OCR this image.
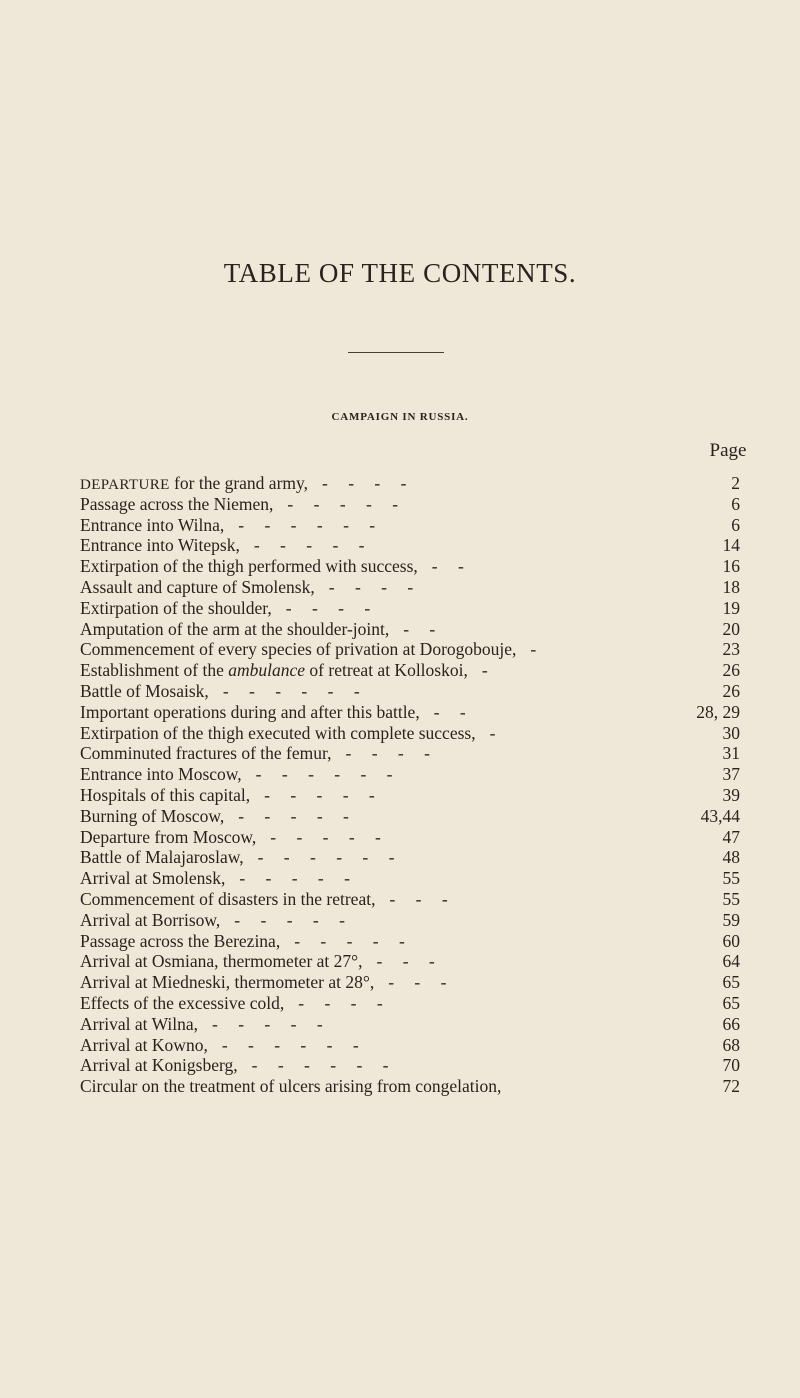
TABLE OF THE CONTENTS.
CAMPAIGN IN RUSSIA.
Page
DEPARTURE for the grand army, - - - -	2
Passage across the Niemen, - - - - -	6
Entrance into Wilna, - - - - - -	6
Entrance into Witepsk, - - - - -	14
Extirpation of the thigh performed with success, - -	16
Assault and capture of Smolensk, - - - -	18
Extirpation of the shoulder, - - - -	19
Amputation of the arm at the shoulder-joint, - -	20
Commencement of every species of privation at Dorogobouje, -	23
Establishment of the ambulance of retreat at Kolloskoi, -	26
Battle of Mosaisk, - - - - - -	26
Important operations during and after this battle, - -	28, 29
Extirpation of the thigh executed with complete success, -	30
Comminuted fractures of the femur, - - - -	31
Entrance into Moscow, - - - - - -	37
Hospitals of this capital, - - - - -	39
Burning of Moscow, - - - - -	43,44
Departure from Moscow, - - - - -	47
Battle of Malajaroslaw, - - - - - -	48
Arrival at Smolensk, - - - - -	55
Commencement of disasters in the retreat, - - -	55
Arrival at Borrisow, - - - - -	59
Passage across the Berezina, - - - - -	60
Arrival at Osmiana, thermometer at 27°, - - -	64
Arrival at Miedneski, thermometer at 28°, - - -	65
Effects of the excessive cold, - - - -	65
Arrival at Wilna, - - - - -	66
Arrival at Kowno, - - - - - -	68
Arrival at Konigsberg, - - - - - -	70
Circular on the treatment of ulcers arising from congelation,	72
